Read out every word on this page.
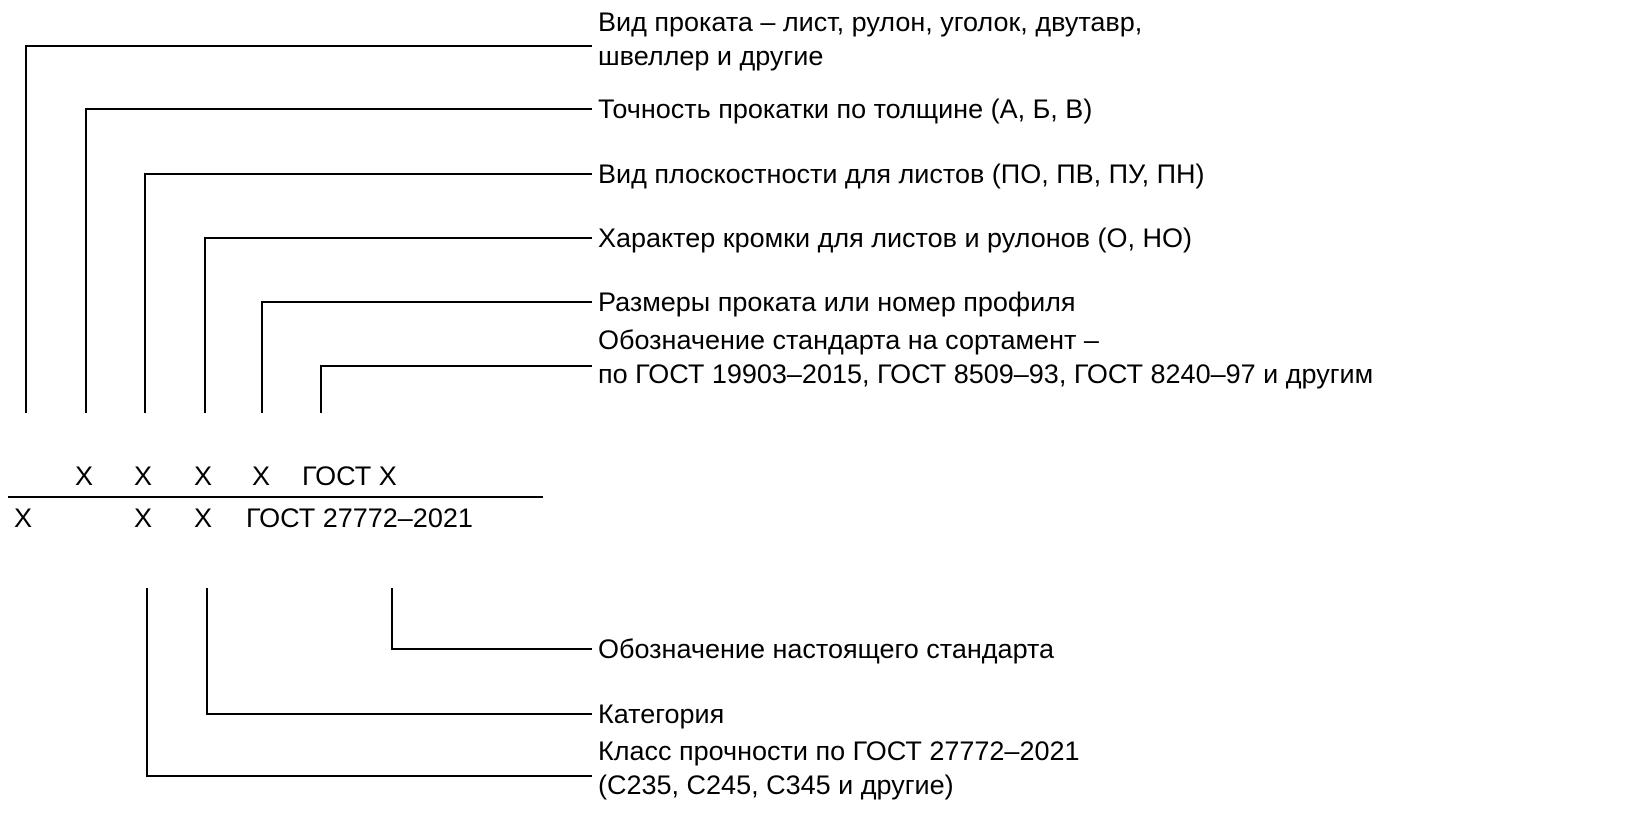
Х Х Х Х ГОСТ Х
Х	Х Х ГОСТ 27772–2021
Вид проката – лист, рулон, уголок, двутавр,
швеллер и другие
Точность прокатки по толщине (А, Б, В)
Вид плоскостности для листов (ПО, ПВ, ПУ, ПН)
Характер кромки для листов и рулонов (О, НО)
Размеры проката или номер профиля
Обозначение стандарта на сортамент –
по ГОСТ 19903–2015, ГОСТ 8509–93, ГОСТ 8240–97 и другим
Обозначение настоящего стандарта
Категория
Класс прочности по ГОСТ 27772–2021
(С235, С245, С345 и другие)
